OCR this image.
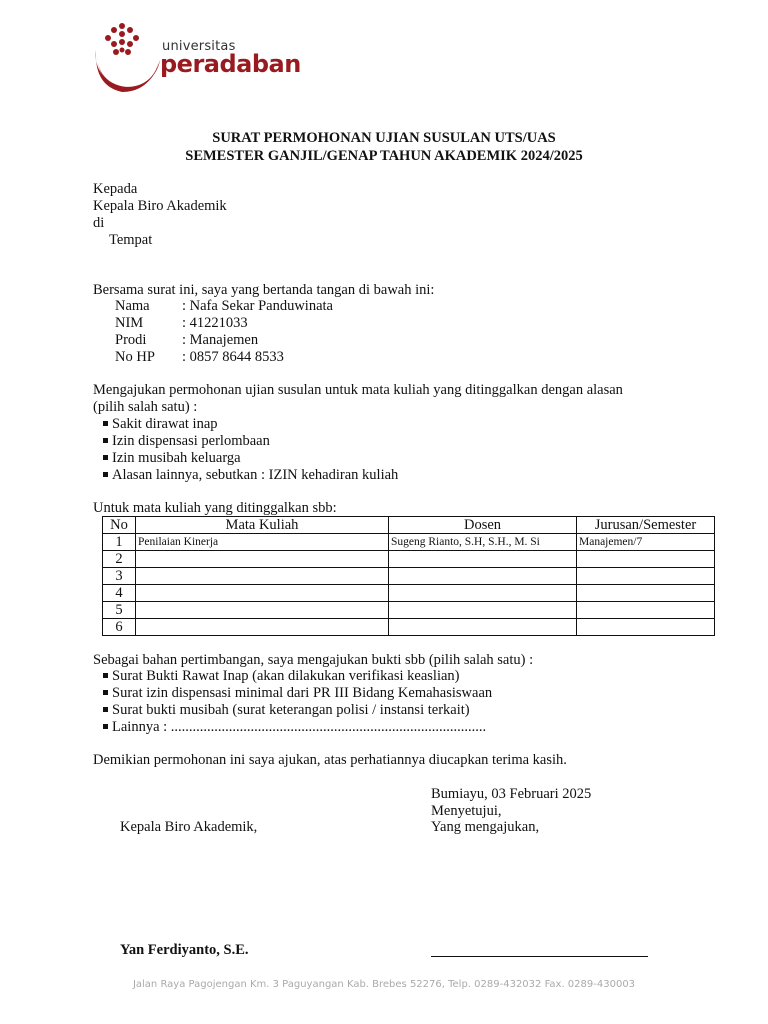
universitas
peradaban
SURAT PERMOHONAN UJIAN SUSULAN UTS/UAS
SEMESTER GANJIL/GENAP TAHUN AKADEMIK 2024/2025
Kepada
Kepala Biro Akademik
di
Tempat
Bersama surat ini, saya yang bertanda tangan di bawah ini:
Nama : Nafa Sekar Panduwinata
NIM	: 41221033
Prodi : Manajemen
No HP : 0857 8644 8533
Mengajukan permohonan ujian susulan untuk mata kuliah yang ditinggalkan dengan alasan
(pilih salah satu) :
Sakit dirawat inap
Izin dispensasi perlombaan
Izin musibah keluarga
Alasan lainnya, sebutkan : IZIN kehadiran kuliah
Untuk mata kuliah yang ditinggalkan sbb:
No	Mata Kuliah	Dosen	Jurusan/Semester
1	Penilaian Kinerja	Sugeng Rianto, S.H, S.H., M. Si	Manajemen/7
2			
3			
4			
5			
6			
Sebagai bahan pertimbangan, saya mengajukan bukti sbb (pilih salah satu) :
Surat Bukti Rawat Inap (akan dilakukan verifikasi keaslian)
Surat izin dispensasi minimal dari PR III Bidang Kemahasiswaan
Surat bukti musibah (surat keterangan polisi / instansi terkait)
Lainnya : .......................................................................................
Demikian permohonan ini saya ajukan, atas perhatiannya diucapkan terima kasih.
Bumiayu, 03 Februari 2025
Menyetujui,
Kepala Biro Akademik,	Yang mengajukan,
Yan Ferdiyanto, S.E.
Jalan Raya Pagojengan Km. 3 Paguyangan Kab. Brebes 52276, Telp. 0289-432032 Fax. 0289-430003
